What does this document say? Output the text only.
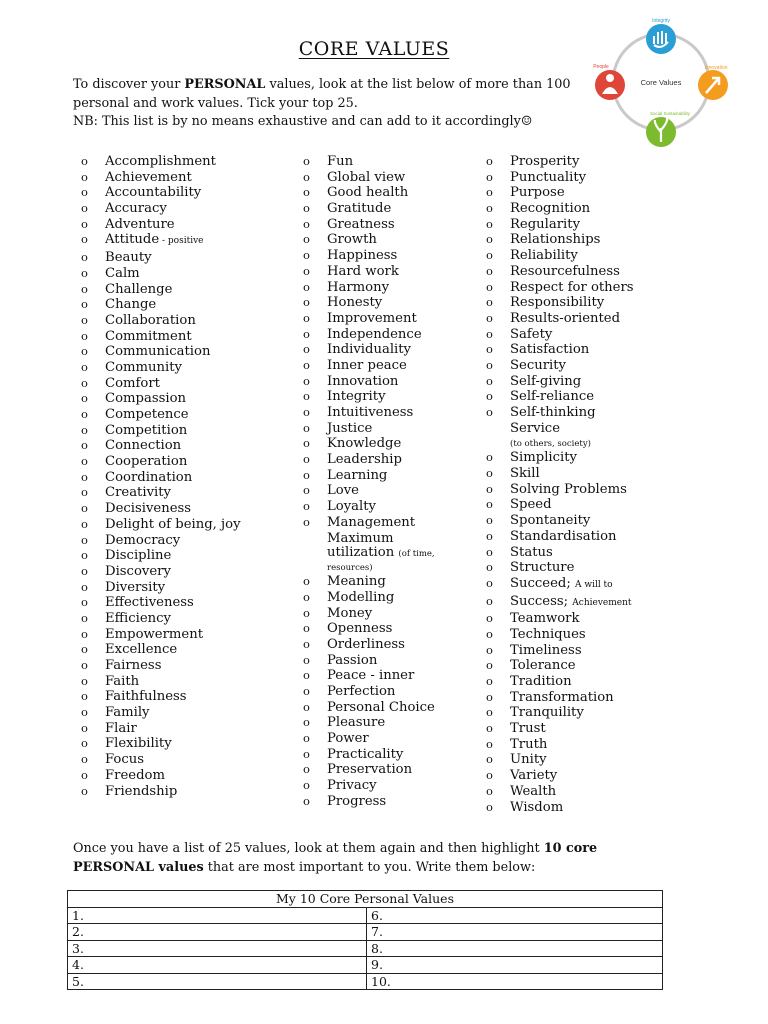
CORE VALUES
To discover your PERSONAL values, look at the list below of more than 100 personal and work values. Tick your top 25.
NB: This list is by no means exhaustive and can add to it accordingly☺
Core Values
Integrity
Innovation
Social Sustainability
People
o Accomplishment
o Achievement
o Accountability
o Accuracy
o Adventure
o Attitude - positive
o Beauty
o Calm
o Challenge
o Change
o Collaboration
o Commitment
o Communication
o Community
o Comfort
o Compassion
o Competence
o Competition
o Connection
o Cooperation
o Coordination
o Creativity
o Decisiveness
o Delight of being, joy
o Democracy
o Discipline
o Discovery
o Diversity
o Effectiveness
o Efficiency
o Empowerment
o Excellence
o Fairness
o Faith
o Faithfulness
o Family
o Flair
o Flexibility
o Focus
o Freedom
o Friendship
o Fun
o Global view
o Good health
o Gratitude
o Greatness
o Growth
o Happiness
o Hard work
o Harmony
o Honesty
o Improvement
o Independence
o Individuality
o Inner peace
o Innovation
o Integrity
o Intuitiveness
o Justice
o Knowledge
o Leadership
o Learning
o Love
o Loyalty
o Management
Maximum
utilization (of time,
resources)
o Meaning
o Modelling
o Money
o Openness
o Orderliness
o Passion
o Peace - inner
o Perfection
o Personal Choice
o Pleasure
o Power
o Practicality
o Preservation
o Privacy
o Progress
o Prosperity
o Punctuality
o Purpose
o Recognition
o Regularity
o Relationships
o Reliability
o Resourcefulness
o Respect for others
o Responsibility
o Results-oriented
o Safety
o Satisfaction
o Security
o Self-giving
o Self-reliance
o Self-thinking
Service
(to others, society)
o Simplicity
o Skill
o Solving Problems
o Speed
o Spontaneity
o Standardisation
o Status
o Structure
o Succeed; A will to
o Success; Achievement
o Teamwork
o Techniques
o Timeliness
o Tolerance
o Tradition
o Transformation
o Tranquility
o Trust
o Truth
o Unity
o Variety
o Wealth
o Wisdom
Once you have a list of 25 values, look at them again and then highlight 10 core PERSONAL values that are most important to you. Write them below:
My 10 Core Personal Values	
1.	6.
2.	7.
3.	8.
4.	9.
5.	10.
